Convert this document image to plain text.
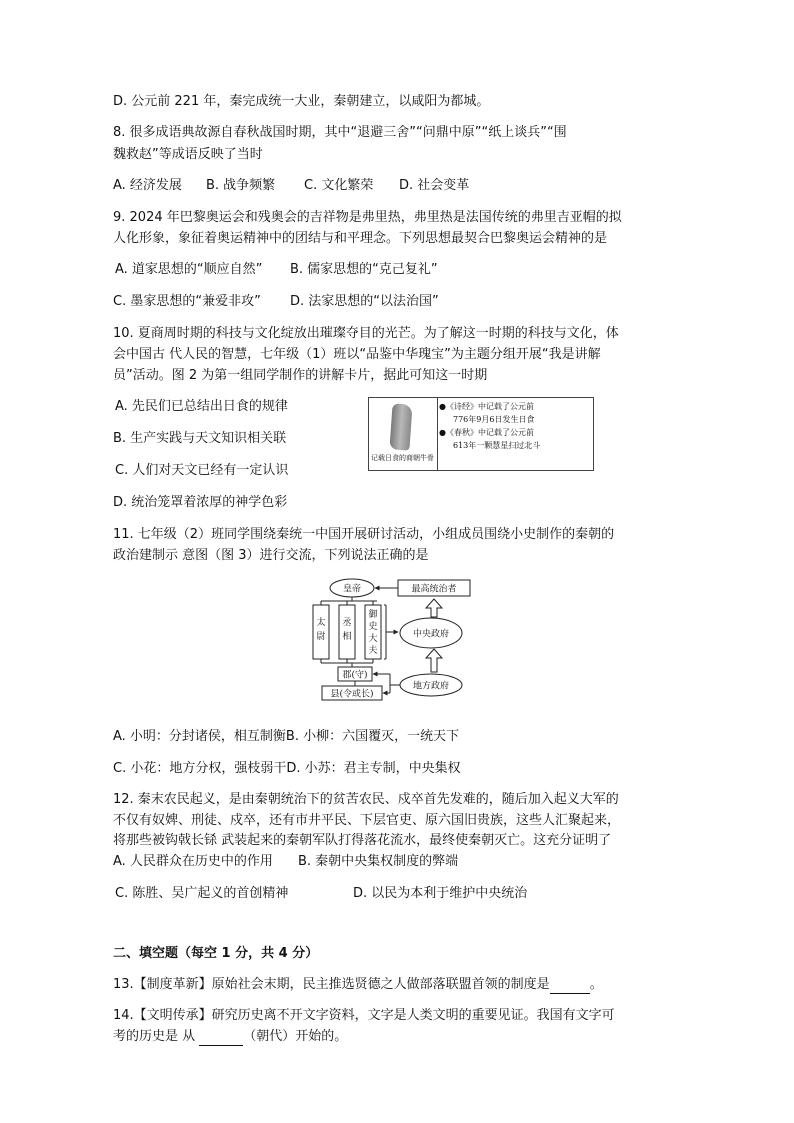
D. 公元前 221 年，秦完成统一大业，秦朝建立，以咸阳为都城。
8. 很多成语典故源自春秋战国时期，其中“退避三舍”“问鼎中原”“纸上谈兵”“围
魏救赵”等成语反映了当时
A. 经济发展 B. 战争频繁 C. 文化繁荣 D. 社会变革
9. 2024 年巴黎奥运会和残奥会的吉祥物是弗里热，弗里热是法国传统的弗里吉亚帽的拟
人化形象，象征着奥运精神中的团结与和平理念。下列思想最契合巴黎奥运会精神的是
A. 道家思想的“顺应自然” B. 儒家思想的“克己复礼”
C. 墨家思想的“兼爱非攻” D. 法家思想的“以法治国”
10. 夏商周时期的科技与文化绽放出璀璨夺目的光芒。为了解这一时期的科技与文化，体
会中国古 代人民的智慧，七年级（1）班以“品鉴中华瑰宝”为主题分组开展“我是讲解
员”活动。图 2 为第一组同学制作的讲解卡片，据此可知这一时期
A. 先民们已总结出日食的规律
B. 生产实践与天文知识相关联
C. 人们对天文已经有一定认识
D. 统治笼罩着浓厚的神学色彩
记载日食的商朝牛骨
●《诗经》中记载了公元前
776年9月6日发生日食
●《春秋》中记载了公元前
613年一颗慧星扫过北斗
11. 七年级（2）班同学围绕秦统一中国开展研讨活动，小组成员围绕小史制作的秦朝的
政治建制示 意图（图 3）进行交流，下列说法正确的是
皇帝	最高统治者
太
尉
丞
相
御
史
大
夫
中央政府
郡(守)
县(令或长)
地方政府
A. 小明：分封诸侯，相互制衡B. 小柳：六国覆灭，一统天下
C. 小花：地方分权，强枝弱干D. 小苏：君主专制，中央集权
12. 秦末农民起义，是由秦朝统治下的贫苦农民、戍卒首先发难的，随后加入起义大军的
不仅有奴婢、刑徒、戍卒，还有市井平民、下层官吏、原六国旧贵族，这些人汇聚起来，
将那些被钩戟长铩 武装起来的秦朝军队打得落花流水，最终使秦朝灭亡。这充分证明了
A. 人民群众在历史中的作用 B. 秦朝中央集权制度的弊端
C. 陈胜、吴广起义的首创精神	D. 以民为本利于维护中央统治
二、填空题（每空 1 分，共 4 分）
13.【制度革新】原始社会末期，民主推选贤德之人做部落联盟首领的制度是	。
14.【文明传承】研究历史离不开文字资料，文字是人类文明的重要见证。我国有文字可
考的历史是 从	（朝代）开始的。
